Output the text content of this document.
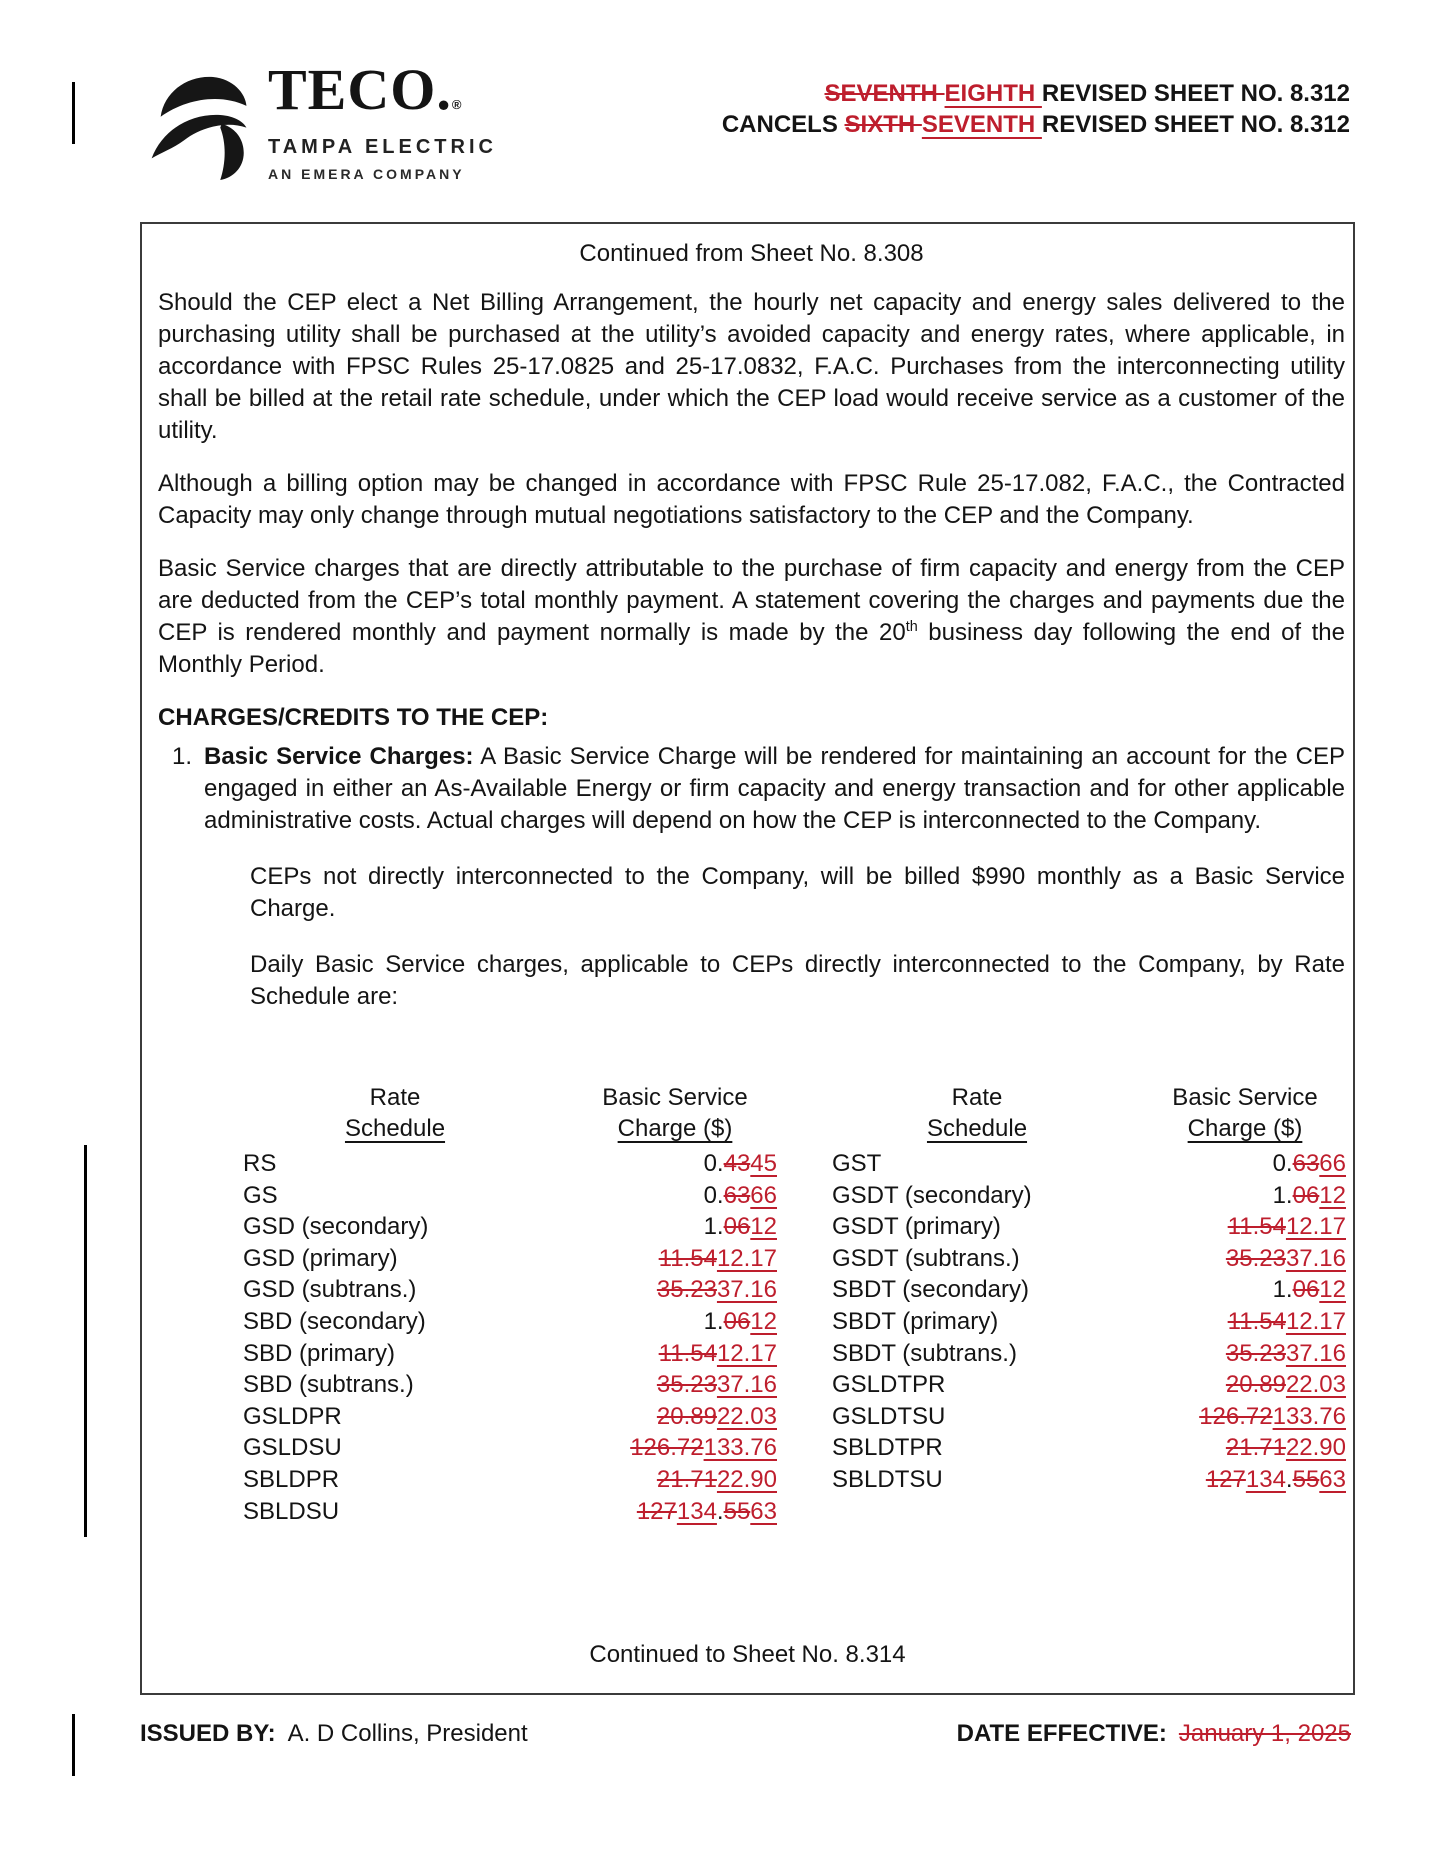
TECO.®
TAMPA ELECTRIC
AN EMERA COMPANY
SEVENTH EIGHTH REVISED SHEET NO. 8.312
CANCELS SIXTH SEVENTH REVISED SHEET NO. 8.312
Continued from Sheet No. 8.308

Should the CEP elect a Net Billing Arrangement, the hourly net capacity and energy sales delivered to the purchasing utility shall be purchased at the utility’s avoided capacity and energy rates, where applicable, in accordance with FPSC Rules 25-17.0825 and 25-17.0832, F.A.C. Purchases from the interconnecting utility shall be billed at the retail rate schedule, under which the CEP load would receive service as a customer of the utility.

Although a billing option may be changed in accordance with FPSC Rule 25-17.082, F.A.C., the Contracted Capacity may only change through mutual negotiations satisfactory to the CEP and the Company.

Basic Service charges that are directly attributable to the purchase of firm capacity and energy from the CEP are deducted from the CEP’s total monthly payment. A statement covering the charges and payments due the CEP is rendered monthly and payment normally is made by the 20th business day following the end of the Monthly Period.

CHARGES/CREDITS TO THE CEP:
1. Basic Service Charges: A Basic Service Charge will be rendered for maintaining an account for the CEP engaged in either an As-Available Energy or firm capacity and energy transaction and for other applicable administrative costs. Actual charges will depend on how the CEP is interconnected to the Company.

CEPs not directly interconnected to the Company, will be billed $990 monthly as a Basic Service Charge.

Daily Basic Service charges, applicable to CEPs directly interconnected to the Company, by Rate Schedule are:

Rate
Schedule
Basic Service
Charge ($)
Rate
Schedule
Basic Service
Charge ($)
RS	0.4345
GS	0.6366
GSD (secondary)	1.0612
GSD (primary)	11.5412.17
GSD (subtrans.)	35.2337.16
SBD (secondary)	1.0612
SBD (primary)	11.5412.17
SBD (subtrans.)	35.2337.16
GSLDPR	20.8922.03
GSLDSU	126.72133.76
SBLDPR	21.7122.90
SBLDSU	127134.5563
GST	0.6366
GSDT (secondary)	1.0612
GSDT (primary)	11.5412.17
GSDT (subtrans.)	35.2337.16
SBDT (secondary)	1.0612
SBDT (primary)	11.5412.17
SBDT (subtrans.)	35.2337.16
GSLDTPR	20.8922.03
GSLDTSU	126.72133.76
SBLDTPR	21.7122.90
SBLDTSU	127134.5563
Continued to Sheet No. 8.314
ISSUED BY: A. D Collins, President	DATE EFFECTIVE: January 1, 2025
